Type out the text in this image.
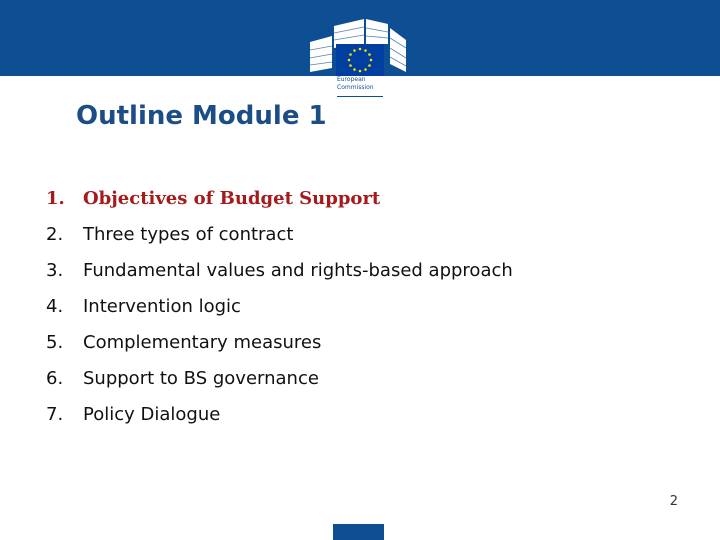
European
Commission
Outline Module 1
1. Objectives of Budget Support
2. Three types of contract
3. Fundamental values and rights-based approach
4. Intervention logic
5. Complementary measures
6. Support to BS governance
7. Policy Dialogue
2
